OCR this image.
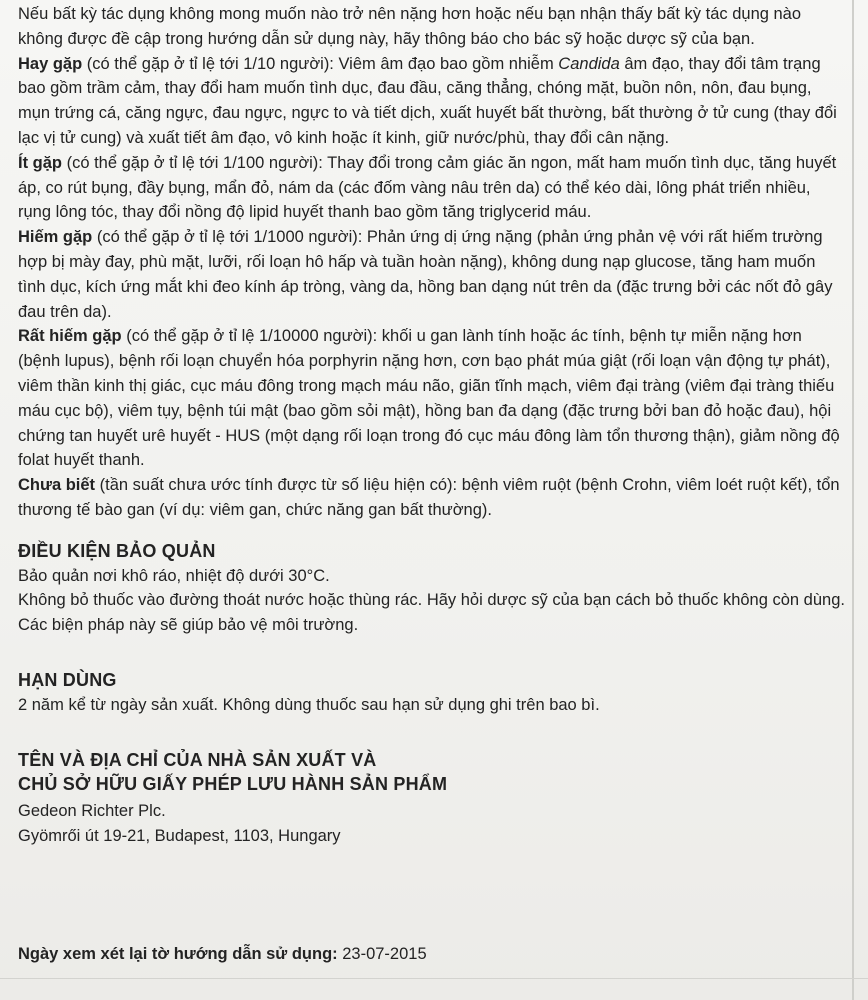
Nếu bất kỳ tác dụng không mong muốn nào trở nên nặng hơn hoặc nếu bạn nhận thấy bất kỳ tác dụng nào không được đề cập trong hướng dẫn sử dụng này, hãy thông báo cho bác sỹ hoặc dược sỹ của bạn.

Hay gặp (có thể gặp ở tỉ lệ tới 1/10 người): Viêm âm đạo bao gồm nhiễm Candida âm đạo, thay đổi tâm trạng bao gồm trầm cảm, thay đổi ham muốn tình dục, đau đầu, căng thẳng, chóng mặt, buồn nôn, nôn, đau bụng, mụn trứng cá, căng ngực, đau ngực, ngực to và tiết dịch, xuất huyết bất thường, bất thường ở tử cung (thay đổi lạc vị tử cung) và xuất tiết âm đạo, vô kinh hoặc ít kinh, giữ nước/phù, thay đổi cân nặng.

Ít gặp (có thể gặp ở tỉ lệ tới 1/100 người): Thay đổi trong cảm giác ăn ngon, mất ham muốn tình dục, tăng huyết áp, co rút bụng, đầy bụng, mẩn đỏ, nám da (các đốm vàng nâu trên da) có thể kéo dài, lông phát triển nhiều, rụng lông tóc, thay đổi nồng độ lipid huyết thanh bao gồm tăng triglycerid máu.

Hiếm gặp (có thể gặp ở tỉ lệ tới 1/1000 người): Phản ứng dị ứng nặng (phản ứng phản vệ với rất hiếm trường hợp bị mày đay, phù mặt, lưỡi, rối loạn hô hấp và tuần hoàn nặng), không dung nạp glucose, tăng ham muốn tình dục, kích ứng mắt khi đeo kính áp tròng, vàng da, hồng ban dạng nút trên da (đặc trưng bởi các nốt đỏ gây đau trên da).

Rất hiếm gặp (có thể gặp ở tỉ lệ 1/10000 người): khối u gan lành tính hoặc ác tính, bệnh tự miễn nặng hơn (bệnh lupus), bệnh rối loạn chuyển hóa porphyrin nặng hơn, cơn bạo phát múa giật (rối loạn vận động tự phát), viêm thần kinh thị giác, cục máu đông trong mạch máu não, giãn tĩnh mạch, viêm đại tràng (viêm đại tràng thiếu máu cục bộ), viêm tụy, bệnh túi mật (bao gồm sỏi mật), hồng ban đa dạng (đặc trưng bởi ban đỏ hoặc đau), hội chứng tan huyết urê huyết - HUS (một dạng rối loạn trong đó cục máu đông làm tổn thương thận), giảm nồng độ folat huyết thanh.

Chưa biết (tần suất chưa ước tính được từ số liệu hiện có): bệnh viêm ruột (bệnh Crohn, viêm loét ruột kết), tổn thương tế bào gan (ví dụ: viêm gan, chức năng gan bất thường).

ĐIỀU KIỆN BẢO QUẢN

Bảo quản nơi khô ráo, nhiệt độ dưới 30°C.

Không bỏ thuốc vào đường thoát nước hoặc thùng rác. Hãy hỏi dược sỹ của bạn cách bỏ thuốc không còn dùng. Các biện pháp này sẽ giúp bảo vệ môi trường.

HẠN DÙNG

2 năm kể từ ngày sản xuất. Không dùng thuốc sau hạn sử dụng ghi trên bao bì.

TÊN VÀ ĐỊA CHỈ CỦA NHÀ SẢN XUẤT VÀ
CHỦ SỞ HỮU GIẤY PHÉP LƯU HÀNH SẢN PHẨM

Gedeon Richter Plc.

Gyömrői út 19-21, Budapest, 1103, Hungary

Ngày xem xét lại tờ hướng dẫn sử dụng: 23-07-2015
